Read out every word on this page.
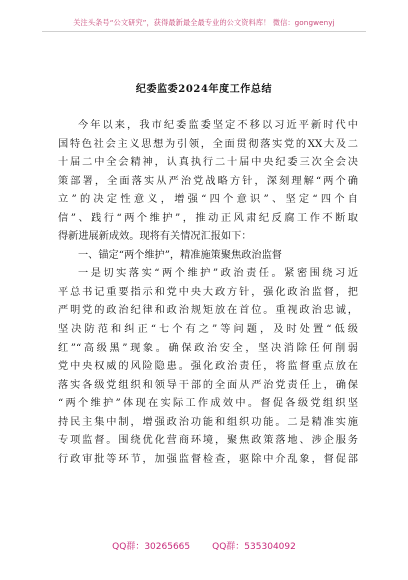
关注头条号“公文研究”，获得最新最全最专业的公文资料库！ 微信：gongwenyj
纪委监委2024年度工作总结
今年以来，我市纪委监委坚定不移以习近平新时代中
国特色社会主义思想为引领，全面贯彻落实党的XX大及二
十届二中全会精神，认真执行二十届中央纪委三次全会决
策部署，全面落实从严治党战略方针，深刻理解“两个确
立”的决定性意义，增强“四个意识”、坚定“四个自
信”、践行“两个维护”，推动正风肃纪反腐工作不断取
得新进展新成效。现将有关情况汇报如下：
一、锚定“两个维护”，精准施策聚焦政治监督
一是切实落实“两个维护”政治责任。紧密围绕习近
平总书记重要指示和党中央大政方针，强化政治监督，把
严明党的政治纪律和政治规矩放在首位。重视政治忠诚，
坚决防范和纠正“七个有之”等问题，及时处置“低级
红”“高级黑”现象。确保政治安全，坚决消除任何削弱
党中央权威的风险隐患。强化政治责任，将监督重点放在
落实各级党组织和领导干部的全面从严治党责任上，确保
“两个维护”体现在实际工作成效中。督促各级党组织坚
持民主集中制，增强政治功能和组织功能。二是精准实施
专项监督。围绕优化营商环境，聚焦政策落地、涉企服务
行政审批等环节，加强监督检查，驱除中介乱象，督促部
QQ群：30265665 QQ群：535304092
